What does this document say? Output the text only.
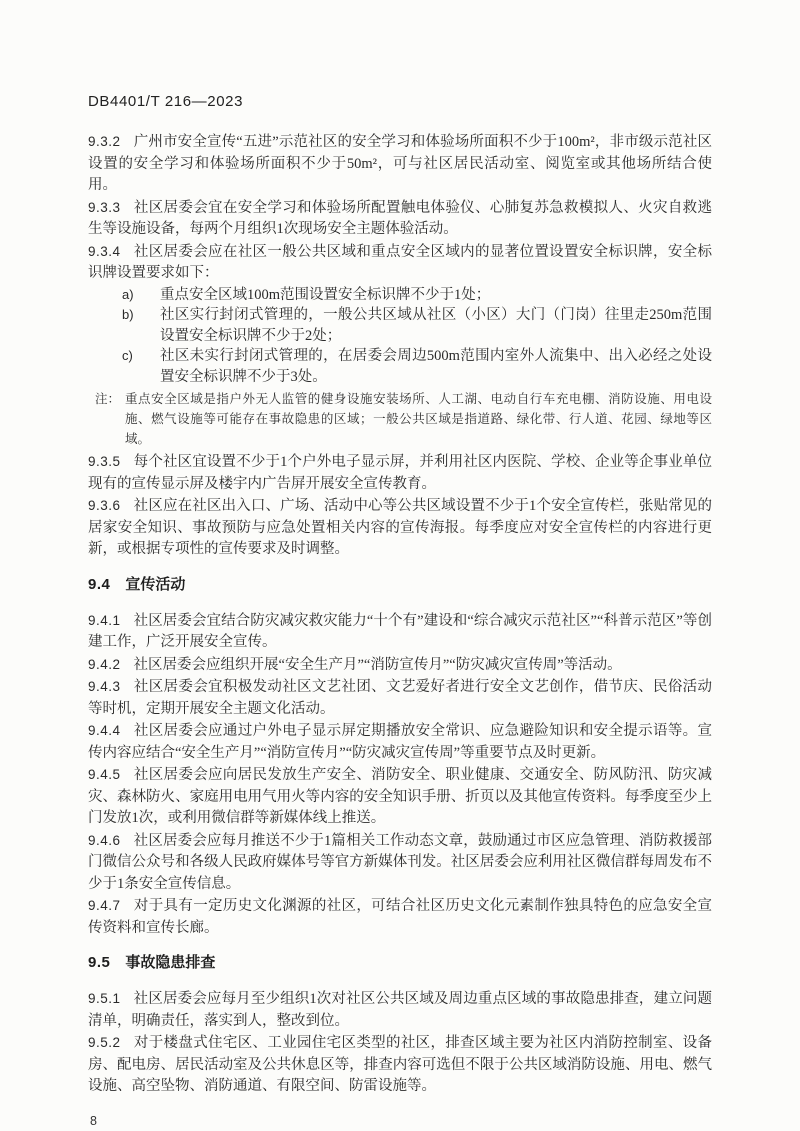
DB4401/T 216—2023

9.3.2 广州市安全宣传“五进”示范社区的安全学习和体验场所面积不少于100m²，非市级示范社区设置的安全学习和体验场所面积不少于50m²，可与社区居民活动室、阅览室或其他场所结合使用。

9.3.3 社区居委会宜在安全学习和体验场所配置触电体验仪、心肺复苏急救模拟人、火灾自救逃生等设施设备，每两个月组织1次现场安全主题体验活动。

9.3.4 社区居委会应在社区一般公共区域和重点安全区域内的显著位置设置安全标识牌，安全标识牌设置要求如下：

a)	重点安全区域100m范围设置安全标识牌不少于1处；
b)	社区实行封闭式管理的，一般公共区域从社区（小区）大门（门岗）往里走250m范围设置安全标识牌不少于2处；
c)	社区未实行封闭式管理的，在居委会周边500m范围内室外人流集中、出入必经之处设置安全标识牌不少于3处。
注： 重点安全区域是指户外无人监管的健身设施安装场所、人工湖、电动自行车充电棚、消防设施、用电设施、燃气设施等可能存在事故隐患的区域；一般公共区域是指道路、绿化带、行人道、花园、绿地等区域。

9.3.5 每个社区宜设置不少于1个户外电子显示屏，并利用社区内医院、学校、企业等企事业单位现有的宣传显示屏及楼宇内广告屏开展安全宣传教育。

9.3.6 社区应在社区出入口、广场、活动中心等公共区域设置不少于1个安全宣传栏，张贴常见的居家安全知识、事故预防与应急处置相关内容的宣传海报。每季度应对安全宣传栏的内容进行更新，或根据专项性的宣传要求及时调整。

9.4 宣传活动

9.4.1 社区居委会宜结合防灾减灾救灾能力“十个有”建设和“综合减灾示范社区”“科普示范区”等创建工作，广泛开展安全宣传。

9.4.2 社区居委会应组织开展“安全生产月”“消防宣传月”“防灾减灾宣传周”等活动。

9.4.3 社区居委会宜积极发动社区文艺社团、文艺爱好者进行安全文艺创作，借节庆、民俗活动等时机，定期开展安全主题文化活动。

9.4.4 社区居委会应通过户外电子显示屏定期播放安全常识、应急避险知识和安全提示语等。宣传内容应结合“安全生产月”“消防宣传月”“防灾减灾宣传周”等重要节点及时更新。

9.4.5 社区居委会应向居民发放生产安全、消防安全、职业健康、交通安全、防风防汛、防灾减灾、森林防火、家庭用电用气用火等内容的安全知识手册、折页以及其他宣传资料。每季度至少上门发放1次，或利用微信群等新媒体线上推送。

9.4.6 社区居委会应每月推送不少于1篇相关工作动态文章，鼓励通过市区应急管理、消防救援部门微信公众号和各级人民政府媒体号等官方新媒体刊发。社区居委会应利用社区微信群每周发布不少于1条安全宣传信息。

9.4.7 对于具有一定历史文化渊源的社区，可结合社区历史文化元素制作独具特色的应急安全宣传资料和宣传长廊。

9.5 事故隐患排查

9.5.1 社区居委会应每月至少组织1次对社区公共区域及周边重点区域的事故隐患排查，建立问题清单，明确责任，落实到人，整改到位。

9.5.2 对于楼盘式住宅区、工业园住宅区类型的社区，排查区域主要为社区内消防控制室、设备房、配电房、居民活动室及公共休息区等，排查内容可选但不限于公共区域消防设施、用电、燃气设施、高空坠物、消防通道、有限空间、防雷设施等。

8
